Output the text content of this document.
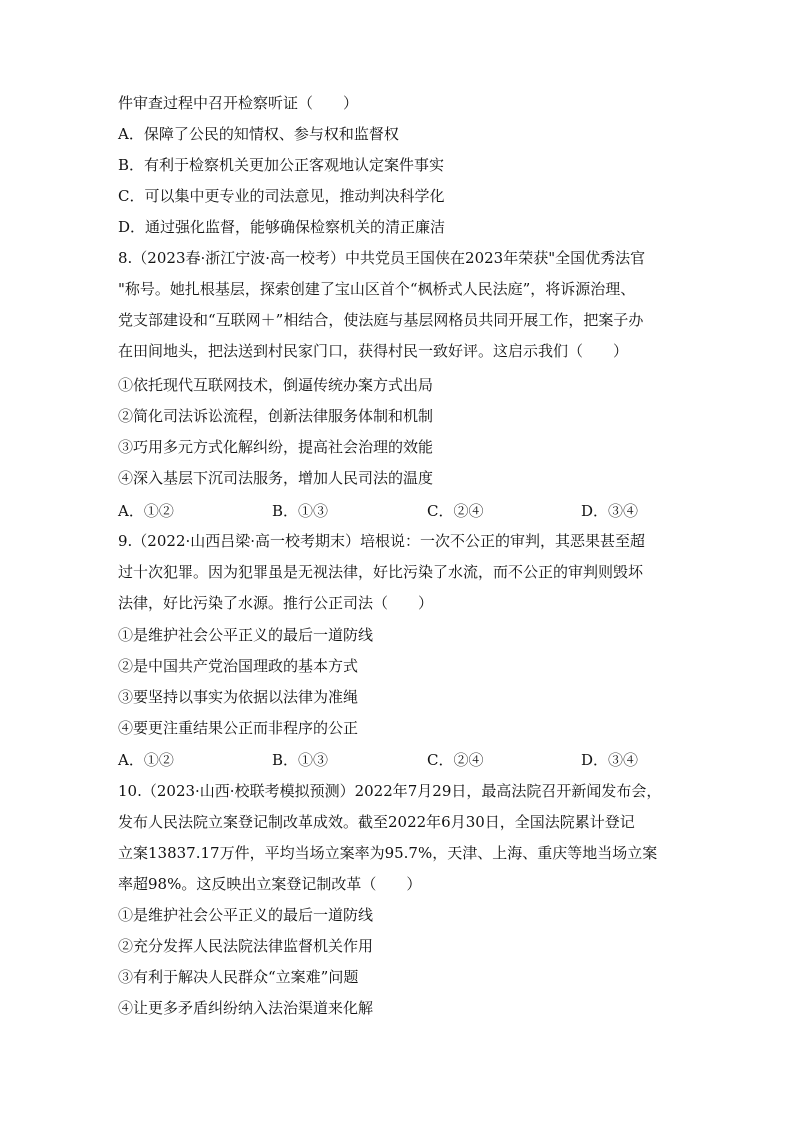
件审查过程中召开检察听证（　　）
A．保障了公民的知情权、参与权和监督权
B．有利于检察机关更加公正客观地认定案件事实
C．可以集中更专业的司法意见，推动判决科学化
D．通过强化监督，能够确保检察机关的清正廉洁
8.（2023春·浙江宁波·高一校考）中共党员王国侠在2023年荣获"全国优秀法官
"称号。她扎根基层，探索创建了宝山区首个“枫桥式人民法庭”，将诉源治理、
党支部建设和“互联网＋”相结合，使法庭与基层网格员共同开展工作，把案子办
在田间地头，把法送到村民家门口，获得村民一致好评。这启示我们（　　）
①依托现代互联网技术，倒逼传统办案方式出局
②简化司法诉讼流程，创新法律服务体制和机制
③巧用多元方式化解纠纷，提高社会治理的效能
④深入基层下沉司法服务，增加人民司法的温度
A．①②	B．①③	C．②④	D．③④
9.（2022·山西吕梁·高一校考期末）培根说：一次不公正的审判，其恶果甚至超
过十次犯罪。因为犯罪虽是无视法律，好比污染了水流，而不公正的审判则毁坏
法律，好比污染了水源。推行公正司法（　　）
①是维护社会公平正义的最后一道防线
②是中国共产党治国理政的基本方式
③要坚持以事实为依据以法律为准绳
④要更注重结果公正而非程序的公正
A．①②	B．①③	C．②④	D．③④
10.（2023·山西·校联考模拟预测）2022年7月29日，最高法院召开新闻发布会，
发布人民法院立案登记制改革成效。截至2022年6月30日，全国法院累计登记
立案13837.17万件，平均当场立案率为95.7%，天津、上海、重庆等地当场立案
率超98%。这反映出立案登记制改革（　　）
①是维护社会公平正义的最后一道防线
②充分发挥人民法院法律监督机关作用
③有利于解决人民群众“立案难”问题
④让更多矛盾纠纷纳入法治渠道来化解
